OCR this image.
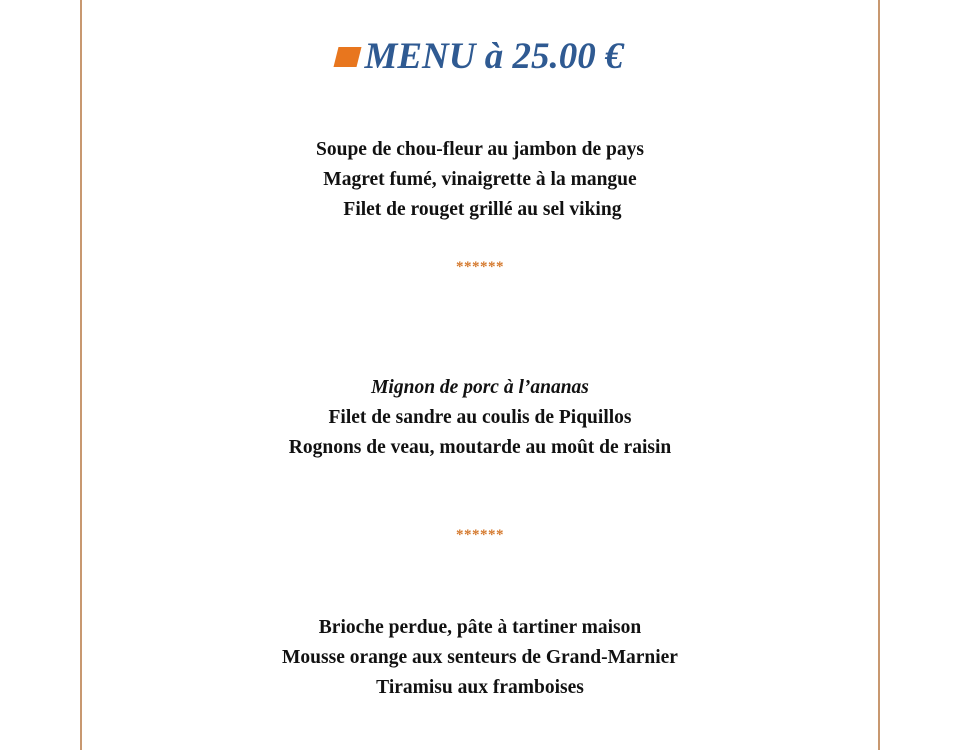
MENU à 25.00 €
Soupe de chou-fleur au jambon de pays
Magret fumé, vinaigrette à la mangue
Filet de rouget grillé au sel viking
******
Mignon de porc à l’ananas
Filet de sandre au coulis de Piquillos
Rognons de veau, moutarde au moût de raisin
******
Brioche perdue, pâte à tartiner maison
Mousse orange aux senteurs de Grand-Marnier
Tiramisu aux framboises
